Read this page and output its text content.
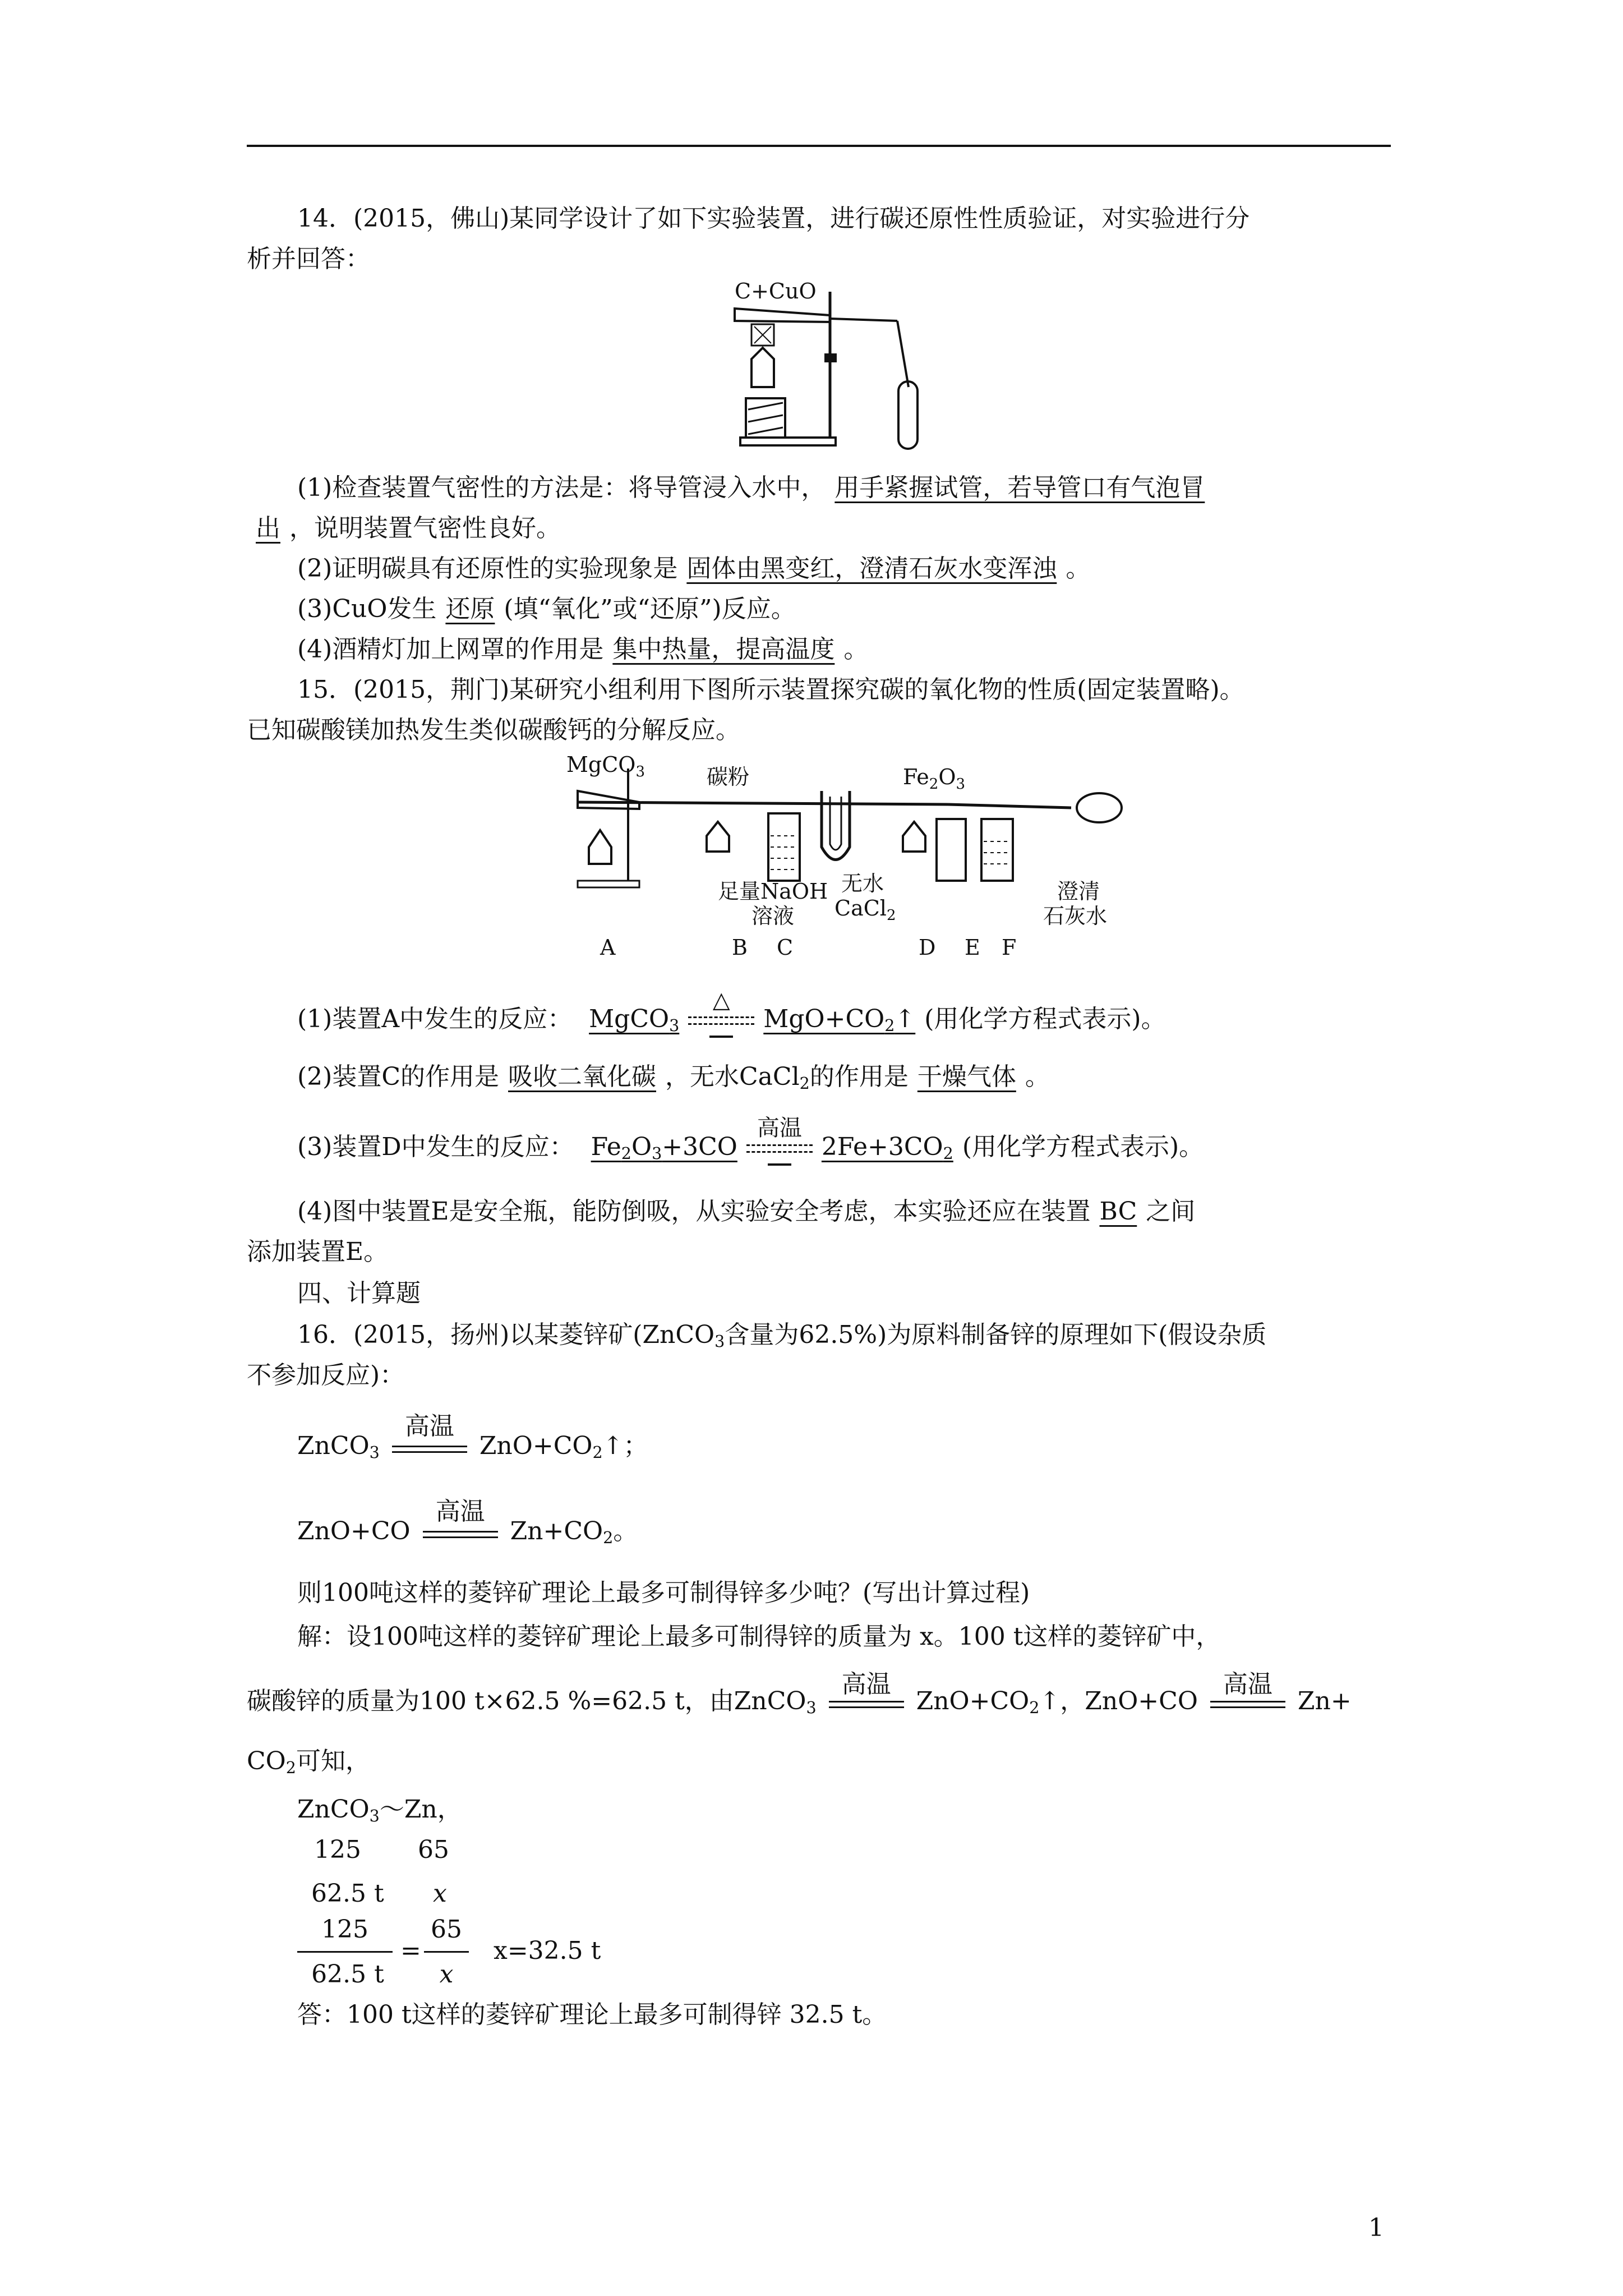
14．(2015，佛山)某同学设计了如下实验装置，进行碳还原性性质验证，对实验进行分
析并回答：
C+CuO
(1)检查装置气密性的方法是：将导管浸入水中， 用手紧握试管，若导管口有气泡冒
出 ，说明装置气密性良好。
(2)证明碳具有还原性的实验现象是 固体由黑变红，澄清石灰水变浑浊 。
(3)CuO发生 还原 (填“氧化”或“还原”)反应。
(4)酒精灯加上网罩的作用是 集中热量，提高温度 。
15．(2015，荆门)某研究小组利用下图所示装置探究碳的氧化物的性质(固定装置略)。
已知碳酸镁加热发生类似碳酸钙的分解反应。
MgCO$_3$	碳粉	$Fe_2O_3$
足量NaOH
溶液
无水
CaCl$_2$
澄清
石灰水
A	B C	D E F
(1)装置A中发生的反应： MgCO$_3$
△
$MgO+CO_2↑$ (用化学方程式表示)。
(2)装置C的作用是 吸收二氧化碳 ，无水CaCl$_2$的作用是 干燥气体 。
(3)装置D中发生的反应： $Fe_2O_3+3CO$
高温
$2Fe+3CO_2$ (用化学方程式表示)。
(4)图中装置E是安全瓶，能防倒吸，从实验安全考虑，本实验还应在装置 BC 之间
添加装置E。
四、计算题
16．(2015，扬州)以某菱锌矿(ZnCO$_3$含量为62.5%)为原料制备锌的原理如下(假设杂质
不参加反应)：
ZnCO$_3$
高温
$ZnO+CO_2↑$；
ZnO+CO
高温
$Zn+CO_2$。
则100吨这样的菱锌矿理论上最多可制得锌多少吨？(写出计算过程)
解：设100吨这样的菱锌矿理论上最多可制得锌的质量为 x。100 t这样的菱锌矿中，
碳酸锌的质量为100 t×62.5 %=62.5 t，由ZnCO$_3$
高温
$ZnO+CO_2↑$，ZnO+CO
高温
Zn+
$CO_2$可知，
ZnCO$_3$～Zn，
125 65
62.5 t x
125
62.5 t
=
65
x
x=32.5 t
答：100 t这样的菱锌矿理论上最多可制得锌 32.5 t。
1
